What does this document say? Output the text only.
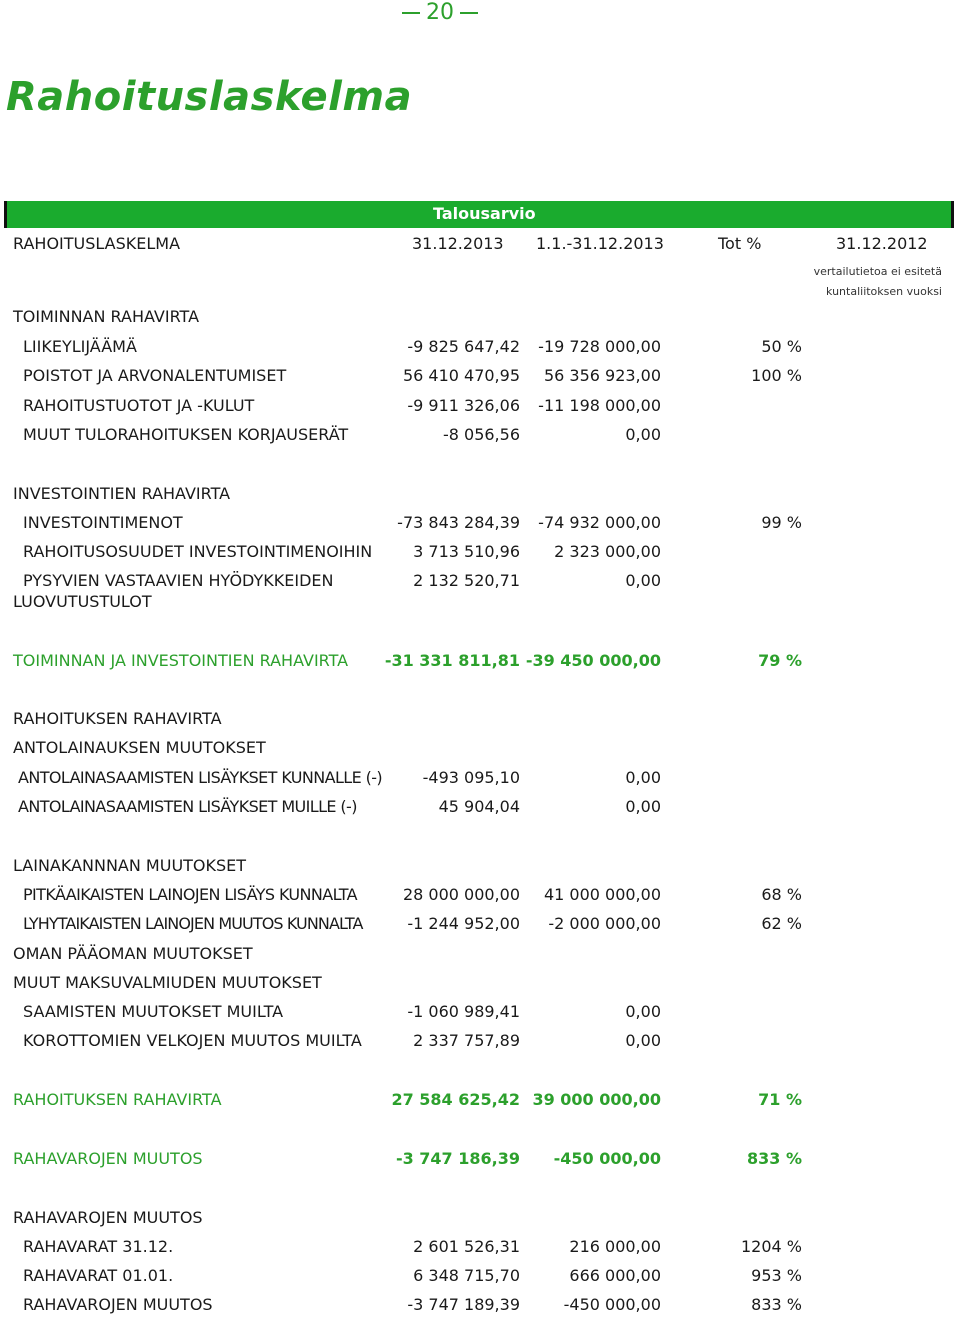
20
Rahoituslaskelma
Talousarvio
RAHOITUSLASKELMA	31.12.2013 1.1.-31.12.2013	Tot %	31.12.2012
vertailutietoa ei esitetä
kuntaliitoksen vuoksi
TOIMINNAN RAHAVIRTA
LIIKEYLIJÄÄMÄ	-9 825 647,42 -19 728 000,00	50 %
POISTOT JA ARVONALENTUMISET	56 410 470,95 56 356 923,00	100 %
RAHOITUSTUOTOT JA -KULUT	-9 911 326,06 -11 198 000,00
MUUT TULORAHOITUKSEN KORJAUSERÄT	-8 056,56	0,00
INVESTOINTIEN RAHAVIRTA
INVESTOINTIMENOT	-73 843 284,39 -74 932 000,00	99 %
RAHOITUSOSUUDET INVESTOINTIMENOIHIN	3 713 510,96 2 323 000,00
PYSYVIEN VASTAAVIEN HYÖDYKKEIDEN
LUOVUTUSTULOT
2 132 520,71	0,00
TOIMINNAN JA INVESTOINTIEN RAHAVIRTA -31 331 811,81 -39 450 000,00	79 %
RAHOITUKSEN RAHAVIRTA
ANTOLAINAUKSEN MUUTOKSET
ANTOLAINASAAMISTEN LISÄYKSET KUNNALLE (-)	-493 095,10	0,00
ANTOLAINASAAMISTEN LISÄYKSET MUILLE (-)	45 904,04	0,00
LAINAKANNNAN MUUTOKSET
PITKÄAIKAISTEN LAINOJEN LISÄYS KUNNALTA	28 000 000,00 41 000 000,00	68 %
LYHYTAIKAISTEN LAINOJEN MUUTOS KUNNALTA	-1 244 952,00 -2 000 000,00	62 %
OMAN PÄÄOMAN MUUTOKSET
MUUT MAKSUVALMIUDEN MUUTOKSET
SAAMISTEN MUUTOKSET MUILTA	-1 060 989,41	0,00
KOROTTOMIEN VELKOJEN MUUTOS MUILTA	2 337 757,89	0,00
RAHOITUKSEN RAHAVIRTA	27 584 625,42 39 000 000,00	71 %
RAHAVAROJEN MUUTOS	-3 747 186,39 -450 000,00	833 %
RAHAVAROJEN MUUTOS
RAHAVARAT 31.12.	2 601 526,31	216 000,00	1204 %
RAHAVARAT 01.01.	6 348 715,70	666 000,00	953 %
RAHAVAROJEN MUUTOS	-3 747 189,39	-450 000,00	833 %
